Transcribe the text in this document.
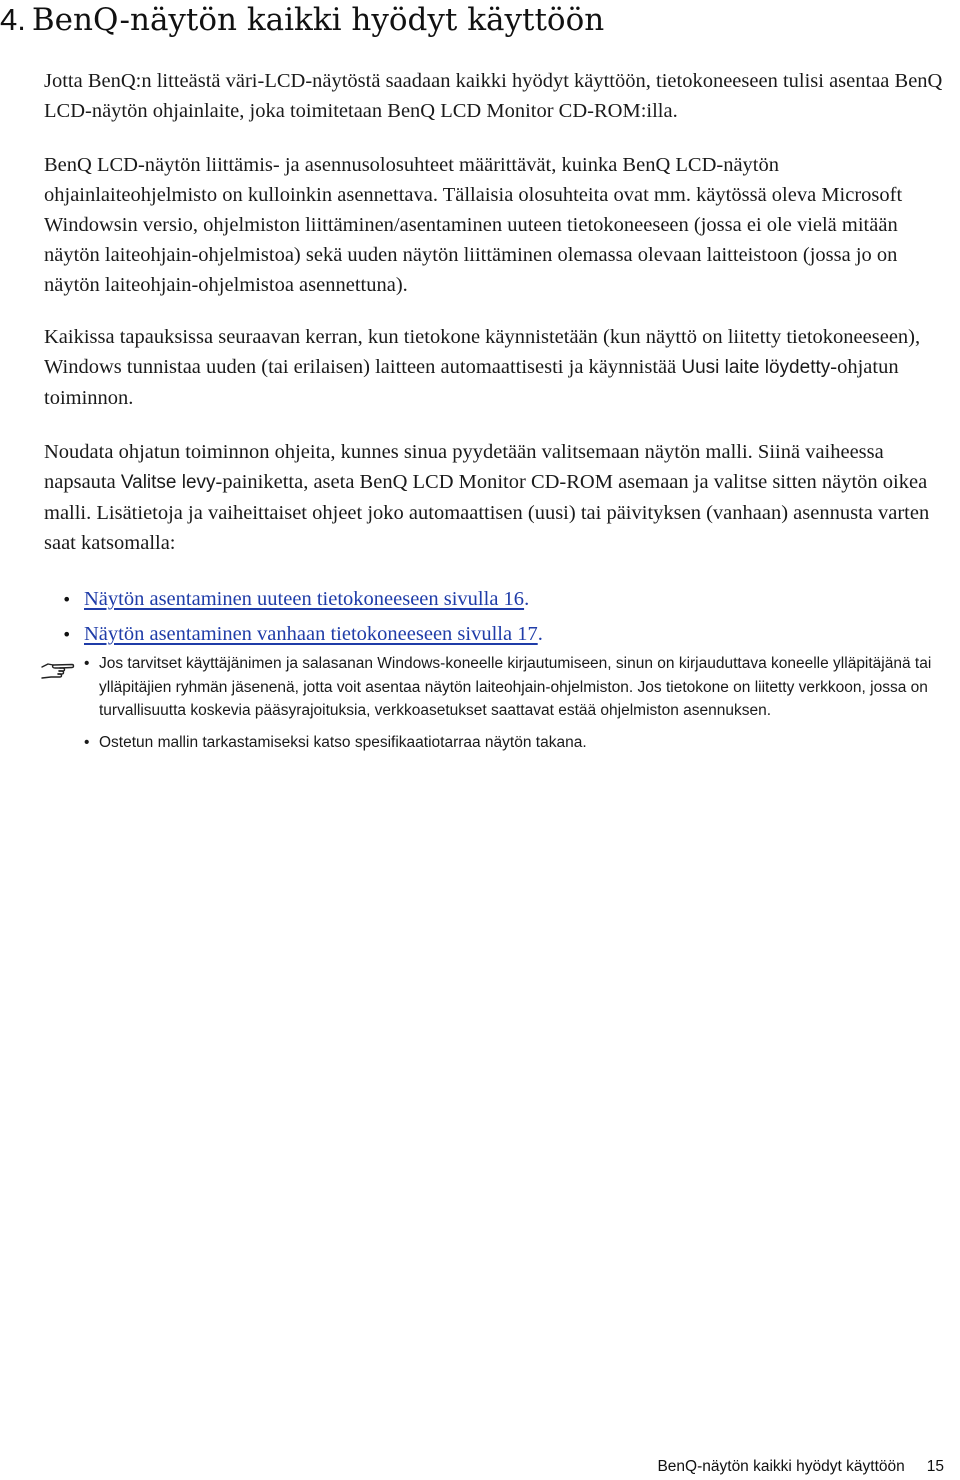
4. BenQ-näytön kaikki hyödyt käyttöön

Jotta BenQ:n litteästä väri-LCD-näytöstä saadaan kaikki hyödyt käyttöön, tietokoneeseen tulisi asentaa BenQ LCD-näytön ohjainlaite, joka toimitetaan BenQ LCD Monitor CD-ROM:illa.

BenQ LCD-näytön liittämis- ja asennusolosuhteet määrittävät, kuinka BenQ LCD-näytön ohjainlaiteohjelmisto on kulloinkin asennettava. Tällaisia olosuhteita ovat mm. käytössä oleva Microsoft Windowsin versio, ohjelmiston liittäminen/asentaminen uuteen tietokoneeseen (jossa ei ole vielä mitään näytön laiteohjain-ohjelmistoa) sekä uuden näytön liittäminen olemassa olevaan laitteistoon (jossa jo on näytön laiteohjain-ohjelmistoa asennettuna).

Kaikissa tapauksissa seuraavan kerran, kun tietokone käynnistetään (kun näyttö on liitetty tietokoneeseen), Windows tunnistaa uuden (tai erilaisen) laitteen automaattisesti ja käynnistää Uusi laite löydetty-ohjatun toiminnon.

Noudata ohjatun toiminnon ohjeita, kunnes sinua pyydetään valitsemaan näytön malli. Siinä vaiheessa napsauta Valitse levy-painiketta, aseta BenQ LCD Monitor CD-ROM asemaan ja valitse sitten näytön oikea malli. Lisätietoja ja vaiheittaiset ohjeet joko automaattisen (uusi) tai päivityksen (vanhaan) asennusta varten saat katsomalla:

• Näytön asentaminen uuteen tietokoneeseen sivulla 16.
• Näytön asentaminen vanhaan tietokoneeseen sivulla 17.
• Jos tarvitset käyttäjänimen ja salasanan Windows-koneelle kirjautumiseen, sinun on kirjauduttava koneelle ylläpitäjänä tai ylläpitäjien ryhmän jäsenenä, jotta voit asentaa näytön laiteohjain-ohjelmiston. Jos tietokone on liitetty verkkoon, jossa on turvallisuutta koskevia pääsyrajoituksia, verkkoasetukset saattavat estää ohjelmiston asennuksen.
• Ostetun mallin tarkastamiseksi katso spesifikaatiotarraa näytön takana.
BenQ-näytön kaikki hyödyt käyttöön 15
